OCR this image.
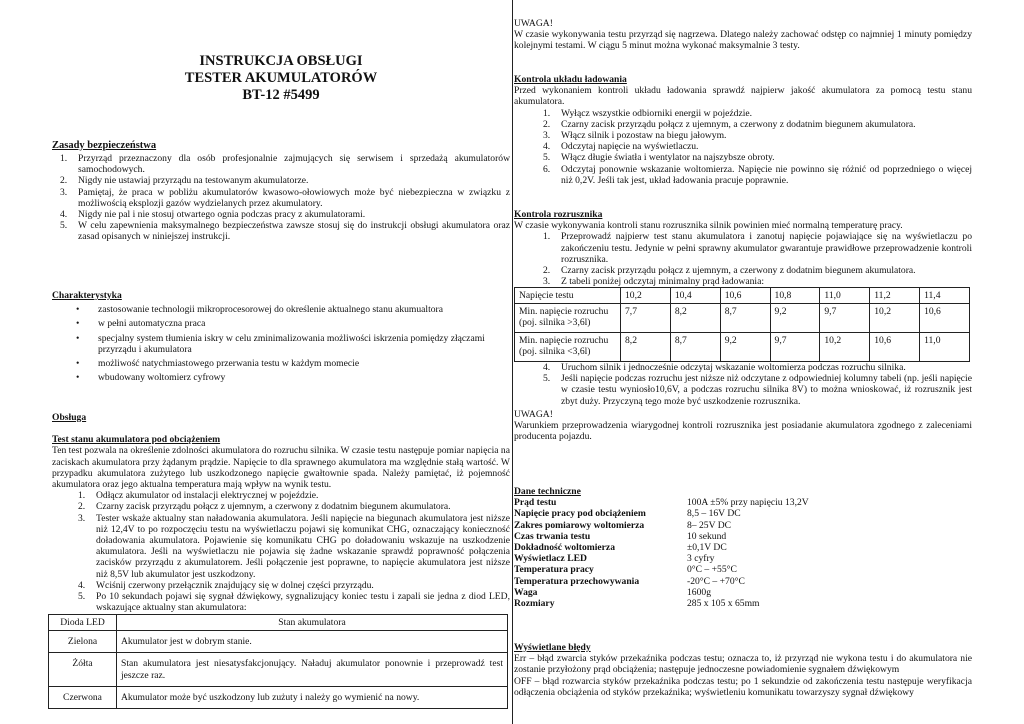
INSTRUKCJA OBSŁUGI
TESTER AKUMULATORÓW
BT-12 #5499
Zasady bezpieczeństwa
1. Przyrząd przeznaczony dla osób profesjonalnie zajmujących się serwisem i sprzedażą akumulatorów samochodowych.
2. Nigdy nie ustawiaj przyrządu na testowanym akumulatorze.
3. Pamiętaj, że praca w pobliżu akumulatorów kwasowo-ołowiowych może być niebezpieczna w związku z możliwością eksplozji gazów wydzielanych przez akumulatory.
4. Nigdy nie pal i nie stosuj otwartego ognia podczas pracy z akumulatorami.
5. W celu zapewnienia maksymalnego bezpieczeństwa zawsze stosuj się do instrukcji obsługi akumulatora oraz zasad opisanych w niniejszej instrukcji.
Charakterystyka
• zastosowanie technologii mikroprocesorowej do określenie aktualnego stanu akumualtora
• w pełni automatyczna praca
• specjalny system tłumienia iskry w celu zminimalizowania możliwości iskrzenia pomiędzy złączami przyrządu i akumulatora
• możliwość natychmiastowego przerwania testu w każdym momecie
• wbudowany woltomierz cyfrowy
Obsługa
Test stanu akumulatora pod obciążeniem
Ten test pozwala na określenie zdolności akumulatora do rozruchu silnika. W czasie testu następuje pomiar napięcia na zaciskach akumulatora przy żądanym prądzie. Napięcie to dla sprawnego akumulatora ma względnie stałą wartość. W przypadku akumulatora zużytego lub uszkodzonego napięcie gwałtownie spada. Należy pamiętać, iż pojemność akumulatora oraz jego aktualna temperatura mają wpływ na wynik testu.
1. Odłącz akumulator od instalacji elektrycznej w pojeździe.
2. Czarny zacisk przyrządu połącz z ujemnym, a czerwony z dodatnim biegunem akumulatora.
3. Tester wskaże aktualny stan naładowania akumulatora. Jeśli napięcie na biegunach akumulatora jest niższe niż 12,4V to po rozpoczęciu testu na wyświetlaczu pojawi się komunikat CHG, oznaczający konieczność doładowania akumulatora. Pojawienie się komunikatu CHG po doładowaniu wskazuje na uszkodzenie akumulatora. Jeśli na wyświetlaczu nie pojawia się żadne wskazanie sprawdź poprawność połączenia zacisków przyrządu z akumulatorem. Jeśli połączenie jest poprawne, to napięcie akumulatora jest niższe niż 8,5V lub akumulator jest uszkodzony.
4. Wciśnij czerwony przełącznik znajdujący się w dolnej części przyrządu.
5. Po 10 sekundach pojawi się sygnał dźwiękowy, sygnalizujący koniec testu i zapali sie jedna z diod LED, wskazujące aktualny stan akumulatora:
Dioda LED	Stan akumulatora
Zielona	Akumulator jest w dobrym stanie.
Żółta	Stan akumulatora jest niesatysfakcjonujący. Naładuj akumulator ponownie i przeprowadź test jeszcze raz.
Czerwona	Akumulator może być uszkodzony lub zużuty i należy go wymienić na nowy.
UWAGA!
W czasie wykonywania testu przyrząd się nagrzewa. Dlatego należy zachować odstęp co najmniej 1 minuty pomiędzy kolejnymi testami. W ciągu 5 minut można wykonać maksymalnie 3 testy.
Kontrola układu ładowania
Przed wykonaniem kontroli układu ładowania sprawdź najpierw jakość akumulatora za pomocą testu stanu akumulatora.
1. Wyłącz wszystkie odbiorniki energii w pojeździe.
2. Czarny zacisk przyrządu połącz z ujemnym, a czerwony z dodatnim biegunem akumulatora.
3. Włącz silnik i pozostaw na biegu jałowym.
4. Odczytaj napięcie na wyświetlaczu.
5. Włącz długie światła i wentylator na najszybsze obroty.
6. Odczytaj ponownie wskazanie woltomierza. Napięcie nie powinno się różnić od poprzedniego o więcej niż 0,2V. Jeśli tak jest, układ ładowania pracuje poprawnie.
Kontrola rozrusznika
W czasie wykonywania kontroli stanu rozrusznika silnik powinien mieć normalną temperaturę pracy.
1. Przeprowadź najpierw test stanu akumulatora i zanotuj napięcie pojawiające się na wyświetlaczu po zakończeniu testu. Jedynie w pełni sprawny akumulator gwarantuje prawidłowe przeprowadzenie kontroli rozrusznika.
2. Czarny zacisk przyrządu połącz z ujemnym, a czerwony z dodatnim biegunem akumulatora.
3. Z tabeli poniżej odczytaj minimalny prąd ładowania:
Napięcie testu	10,2	10,4	10,6	10,8	11,0	11,2	11,4
Min. napięcie rozruchu (poj. silnika >3,6l)	7,7	8,2	8,7	9,2	9,7	10,2	10,6
Min. napięcie rozruchu (poj. silnika <3,6l)	8,2	8,7	9,2	9,7	10,2	10,6	11,0
4. Uruchom silnik i jednocześnie odczytaj wskazanie woltomierza podczas rozruchu silnika.
5. Jeśli napięcie podczas rozruchu jest niższe niż odczytane z odpowiedniej kolumny tabeli (np. jeśli napięcie w czasie testu wyniosło10,6V, a podczas rozruchu silnika 8V) to można wnioskować, iż rozrusznik jest zbyt duży. Przyczyną tego może być uszkodzenie rozrusznika.
UWAGA!
Warunkiem przeprowadzenia wiarygodnej kontroli rozrusznika jest posiadanie akumulatora zgodnego z zaleceniami producenta pojazdu.
Dane techniczne
Prąd testu	100A ±5% przy napięciu 13,2V
Napięcie pracy pod obciążeniem	8,5 – 16V DC
Zakres pomiarowy woltomierza	8– 25V DC
Czas trwania testu	10 sekund
Dokładność woltomierza	±0,1V DC
Wyświetlacz LED	3 cyfry
Temperatura pracy	0°C – +55°C
Temperatura przechowywania	-20°C – +70°C
Waga	1600g
Rozmiary	285 x 105 x 65mm
Wyświetlane błędy
Err – błąd zwarcia styków przekaźnika podczas testu; oznacza to, iż przyrząd nie wykona testu i do akumulatora nie zostanie przyłożony prąd obciążenia; następuje jednoczesne powiadomienie sygnałem dźwiękowym
OFF – błąd rozwarcia styków przekaźnika podczas testu; po 1 sekundzie od zakończenia testu następuje weryfikacja odłączenia obciążenia od styków przekaźnika; wyświetleniu komunikatu towarzyszy sygnał dźwiękowy
